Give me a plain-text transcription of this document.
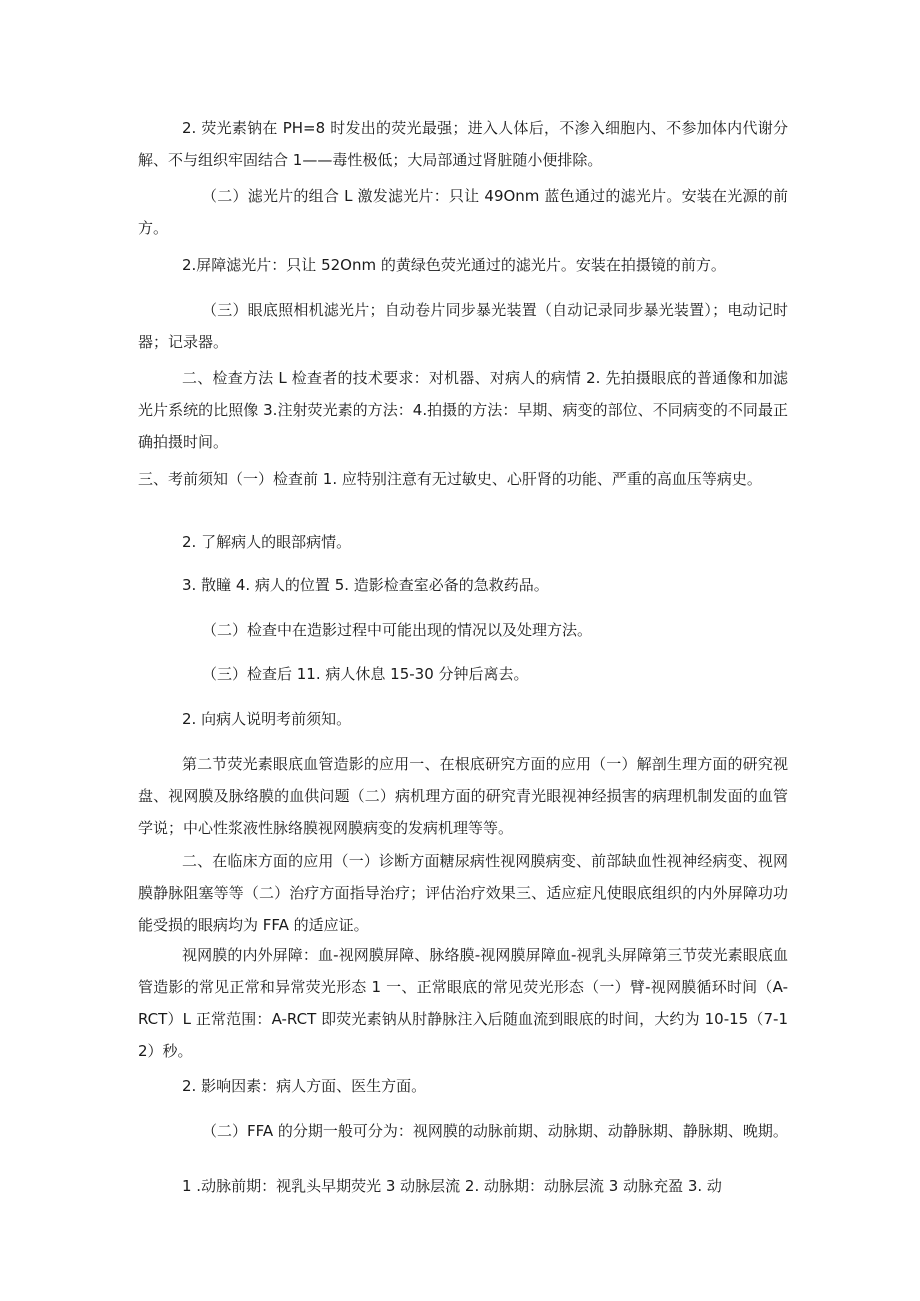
2. 荧光素钠在 PH=8 时发出的荧光最强；进入人体后，不渗入细胞内、不参加体内代谢分解、不与组织牢固结合 1——毒性极低；大局部通过肾脏随小便排除。

（二）滤光片的组合 L 激发滤光片：只让 49Onm 蓝色通过的滤光片。安装在光源的前方。

2.屏障滤光片：只让 52Onm 的黄绿色荧光通过的滤光片。安装在拍摄镜的前方。

（三）眼底照相机滤光片；自动卷片同步暴光装置（自动记录同步暴光装置）；电动记时器；记录器。

二、检查方法 L 检查者的技术要求：对机器、对病人的病情 2. 先拍摄眼底的普通像和加滤光片系统的比照像 3.注射荧光素的方法：4.拍摄的方法：早期、病变的部位、不同病变的不同最正确拍摄时间。

三、考前须知（一）检查前 1. 应特别注意有无过敏史、心肝肾的功能、严重的高血压等病史。

2. 了解病人的眼部病情。

3. 散瞳 4. 病人的位置 5. 造影检查室必备的急救药品。

（二）检查中在造影过程中可能出现的情况以及处理方法。

（三）检查后 11. 病人休息 15-30 分钟后离去。

2. 向病人说明考前须知。

第二节荧光素眼底血管造影的应用一、在根底研究方面的应用（一）解剖生理方面的研究视盘、视网膜及脉络膜的血供问题（二）病机理方面的研究青光眼视神经损害的病理机制发面的血管学说；中心性浆液性脉络膜视网膜病变的发病机理等等。

二、在临床方面的应用（一）诊断方面糖尿病性视网膜病变、前部缺血性视神经病变、视网膜静脉阻塞等等（二）治疗方面指导治疗；评估治疗效果三、适应症凡使眼底组织的内外屏障功功能受损的眼病均为 FFA 的适应证。

视网膜的内外屏障：血-视网膜屏障、脉络膜-视网膜屏障血-视乳头屏障第三节荧光素眼底血管造影的常见正常和异常荧光形态 1 一、正常眼底的常见荧光形态（一）臂-视网膜循环时间（A-RCT）L 正常范围：A-RCT 即荧光素钠从肘静脉注入后随血流到眼底的时间，大约为 10-15（7-12）秒。

2. 影响因素：病人方面、医生方面。

（二）FFA 的分期一般可分为：视网膜的动脉前期、动脉期、动静脉期、静脉期、晚期。

1 .动脉前期：视乳头早期荧光 3 动脉层流 2. 动脉期：动脉层流 3 动脉充盈 3. 动
